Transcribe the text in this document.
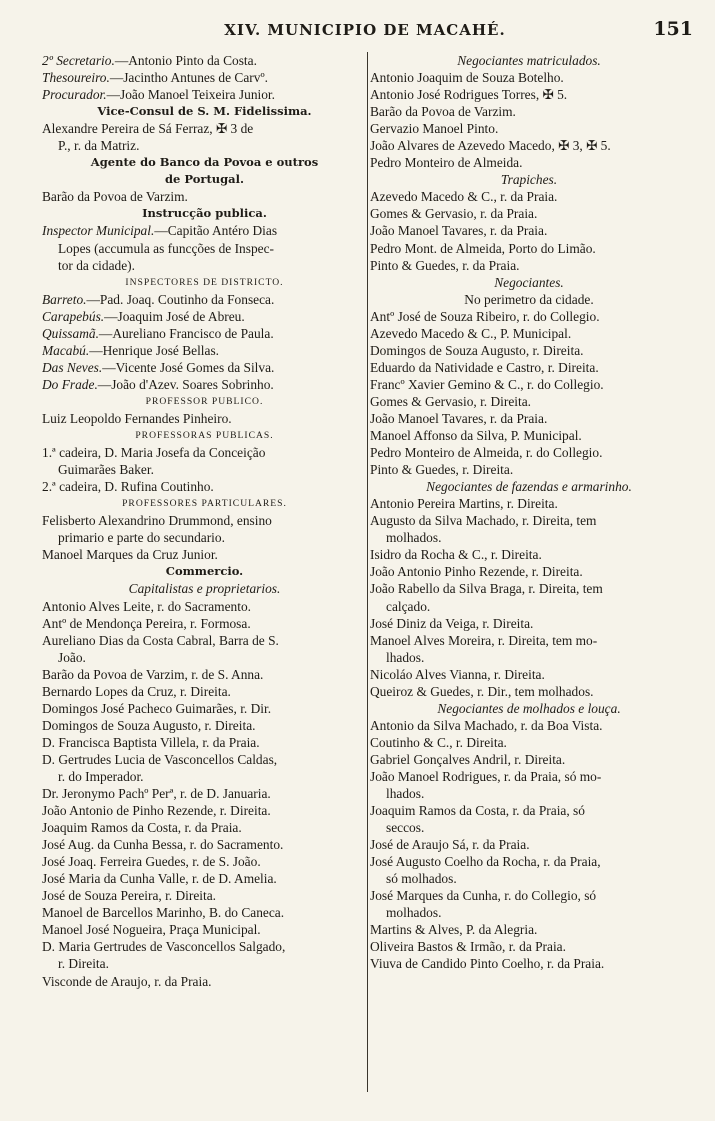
XIV. MUNICIPIO DE MACAHÉ.	151
2º Secretario.—Antonio Pinto da Costa.
Thesoureiro.—Jacintho Antunes de Carvº.
Procurador.—João Manoel Teixeira Junior.
Vice-Consul de S. M. Fidelissima.
Alexandre Pereira de Sá Ferraz, ✠ 3 de
P., r. da Matriz.
Agente do Banco da Povoa e outros
de Portugal.
Barão da Povoa de Varzim.
Instrucção publica.
Inspector Municipal.—Capitão Antéro Dias
Lopes (accumula as funcções de Inspec-
tor da cidade).
INSPECTORES DE DISTRICTO.
Barreto.—Pad. Joaq. Coutinho da Fonseca.
Carapebús.—Joaquim José de Abreu.
Quissamã.—Aureliano Francisco de Paula.
Macabú.—Henrique José Bellas.
Das Neves.—Vicente José Gomes da Silva.
Do Frade.—João d'Azev. Soares Sobrinho.
PROFESSOR PUBLICO.
Luiz Leopoldo Fernandes Pinheiro.
PROFESSORAS PUBLICAS.
1.ª cadeira, D. Maria Josefa da Conceição
Guimarães Baker.
2.ª cadeira, D. Rufina Coutinho.
PROFESSORES PARTICULARES.
Felisberto Alexandrino Drummond, ensino
primario e parte do secundario.
Manoel Marques da Cruz Junior.
Commercio.
Capitalistas e proprietarios.
Antonio Alves Leite, r. do Sacramento.
Antº de Mendonça Pereira, r. Formosa.
Aureliano Dias da Costa Cabral, Barra de S.
João.
Barão da Povoa de Varzim, r. de S. Anna.
Bernardo Lopes da Cruz, r. Direita.
Domingos José Pacheco Guimarães, r. Dir.
Domingos de Souza Augusto, r. Direita.
D. Francisca Baptista Villela, r. da Praia.
D. Gertrudes Lucia de Vasconcellos Caldas,
r. do Imperador.
Dr. Jeronymo Pachº Perª, r. de D. Januaria.
João Antonio de Pinho Rezende, r. Direita.
Joaquim Ramos da Costa, r. da Praia.
José Aug. da Cunha Bessa, r. do Sacramento.
José Joaq. Ferreira Guedes, r. de S. João.
José Maria da Cunha Valle, r. de D. Amelia.
José de Souza Pereira, r. Direita.
Manoel de Barcellos Marinho, B. do Caneca.
Manoel José Nogueira, Praça Municipal.
D. Maria Gertrudes de Vasconcellos Salgado,
r. Direita.
Visconde de Araujo, r. da Praia.
Negociantes matriculados.
Antonio Joaquim de Souza Botelho.
Antonio José Rodrigues Torres, ✠ 5.
Barão da Povoa de Varzim.
Gervazio Manoel Pinto.
João Alvares de Azevedo Macedo, ✠ 3, ✠ 5.
Pedro Monteiro de Almeida.
Trapiches.
Azevedo Macedo & C., r. da Praia.
Gomes & Gervasio, r. da Praia.
João Manoel Tavares, r. da Praia.
Pedro Mont. de Almeida, Porto do Limão.
Pinto & Guedes, r. da Praia.
Negociantes.
No perimetro da cidade.
Antº José de Souza Ribeiro, r. do Collegio.
Azevedo Macedo & C., P. Municipal.
Domingos de Souza Augusto, r. Direita.
Eduardo da Natividade e Castro, r. Direita.
Francº Xavier Gemino & C., r. do Collegio.
Gomes & Gervasio, r. Direita.
João Manoel Tavares, r. da Praia.
Manoel Affonso da Silva, P. Municipal.
Pedro Monteiro de Almeida, r. do Collegio.
Pinto & Guedes, r. Direita.
Negociantes de fazendas e armarinho.
Antonio Pereira Martins, r. Direita.
Augusto da Silva Machado, r. Direita, tem
molhados.
Isidro da Rocha & C., r. Direita.
João Antonio Pinho Rezende, r. Direita.
João Rabello da Silva Braga, r. Direita, tem
calçado.
José Diniz da Veiga, r. Direita.
Manoel Alves Moreira, r. Direita, tem mo-
lhados.
Nicoláo Alves Vianna, r. Direita.
Queiroz & Guedes, r. Dir., tem molhados.
Negociantes de molhados e louça.
Antonio da Silva Machado, r. da Boa Vista.
Coutinho & C., r. Direita.
Gabriel Gonçalves Andril, r. Direita.
João Manoel Rodrigues, r. da Praia, só mo-
lhados.
Joaquim Ramos da Costa, r. da Praia, só
seccos.
José de Araujo Sá, r. da Praia.
José Augusto Coelho da Rocha, r. da Praia,
só molhados.
José Marques da Cunha, r. do Collegio, só
molhados.
Martins & Alves, P. da Alegria.
Oliveira Bastos & Irmão, r. da Praia.
Viuva de Candido Pinto Coelho, r. da Praia.
